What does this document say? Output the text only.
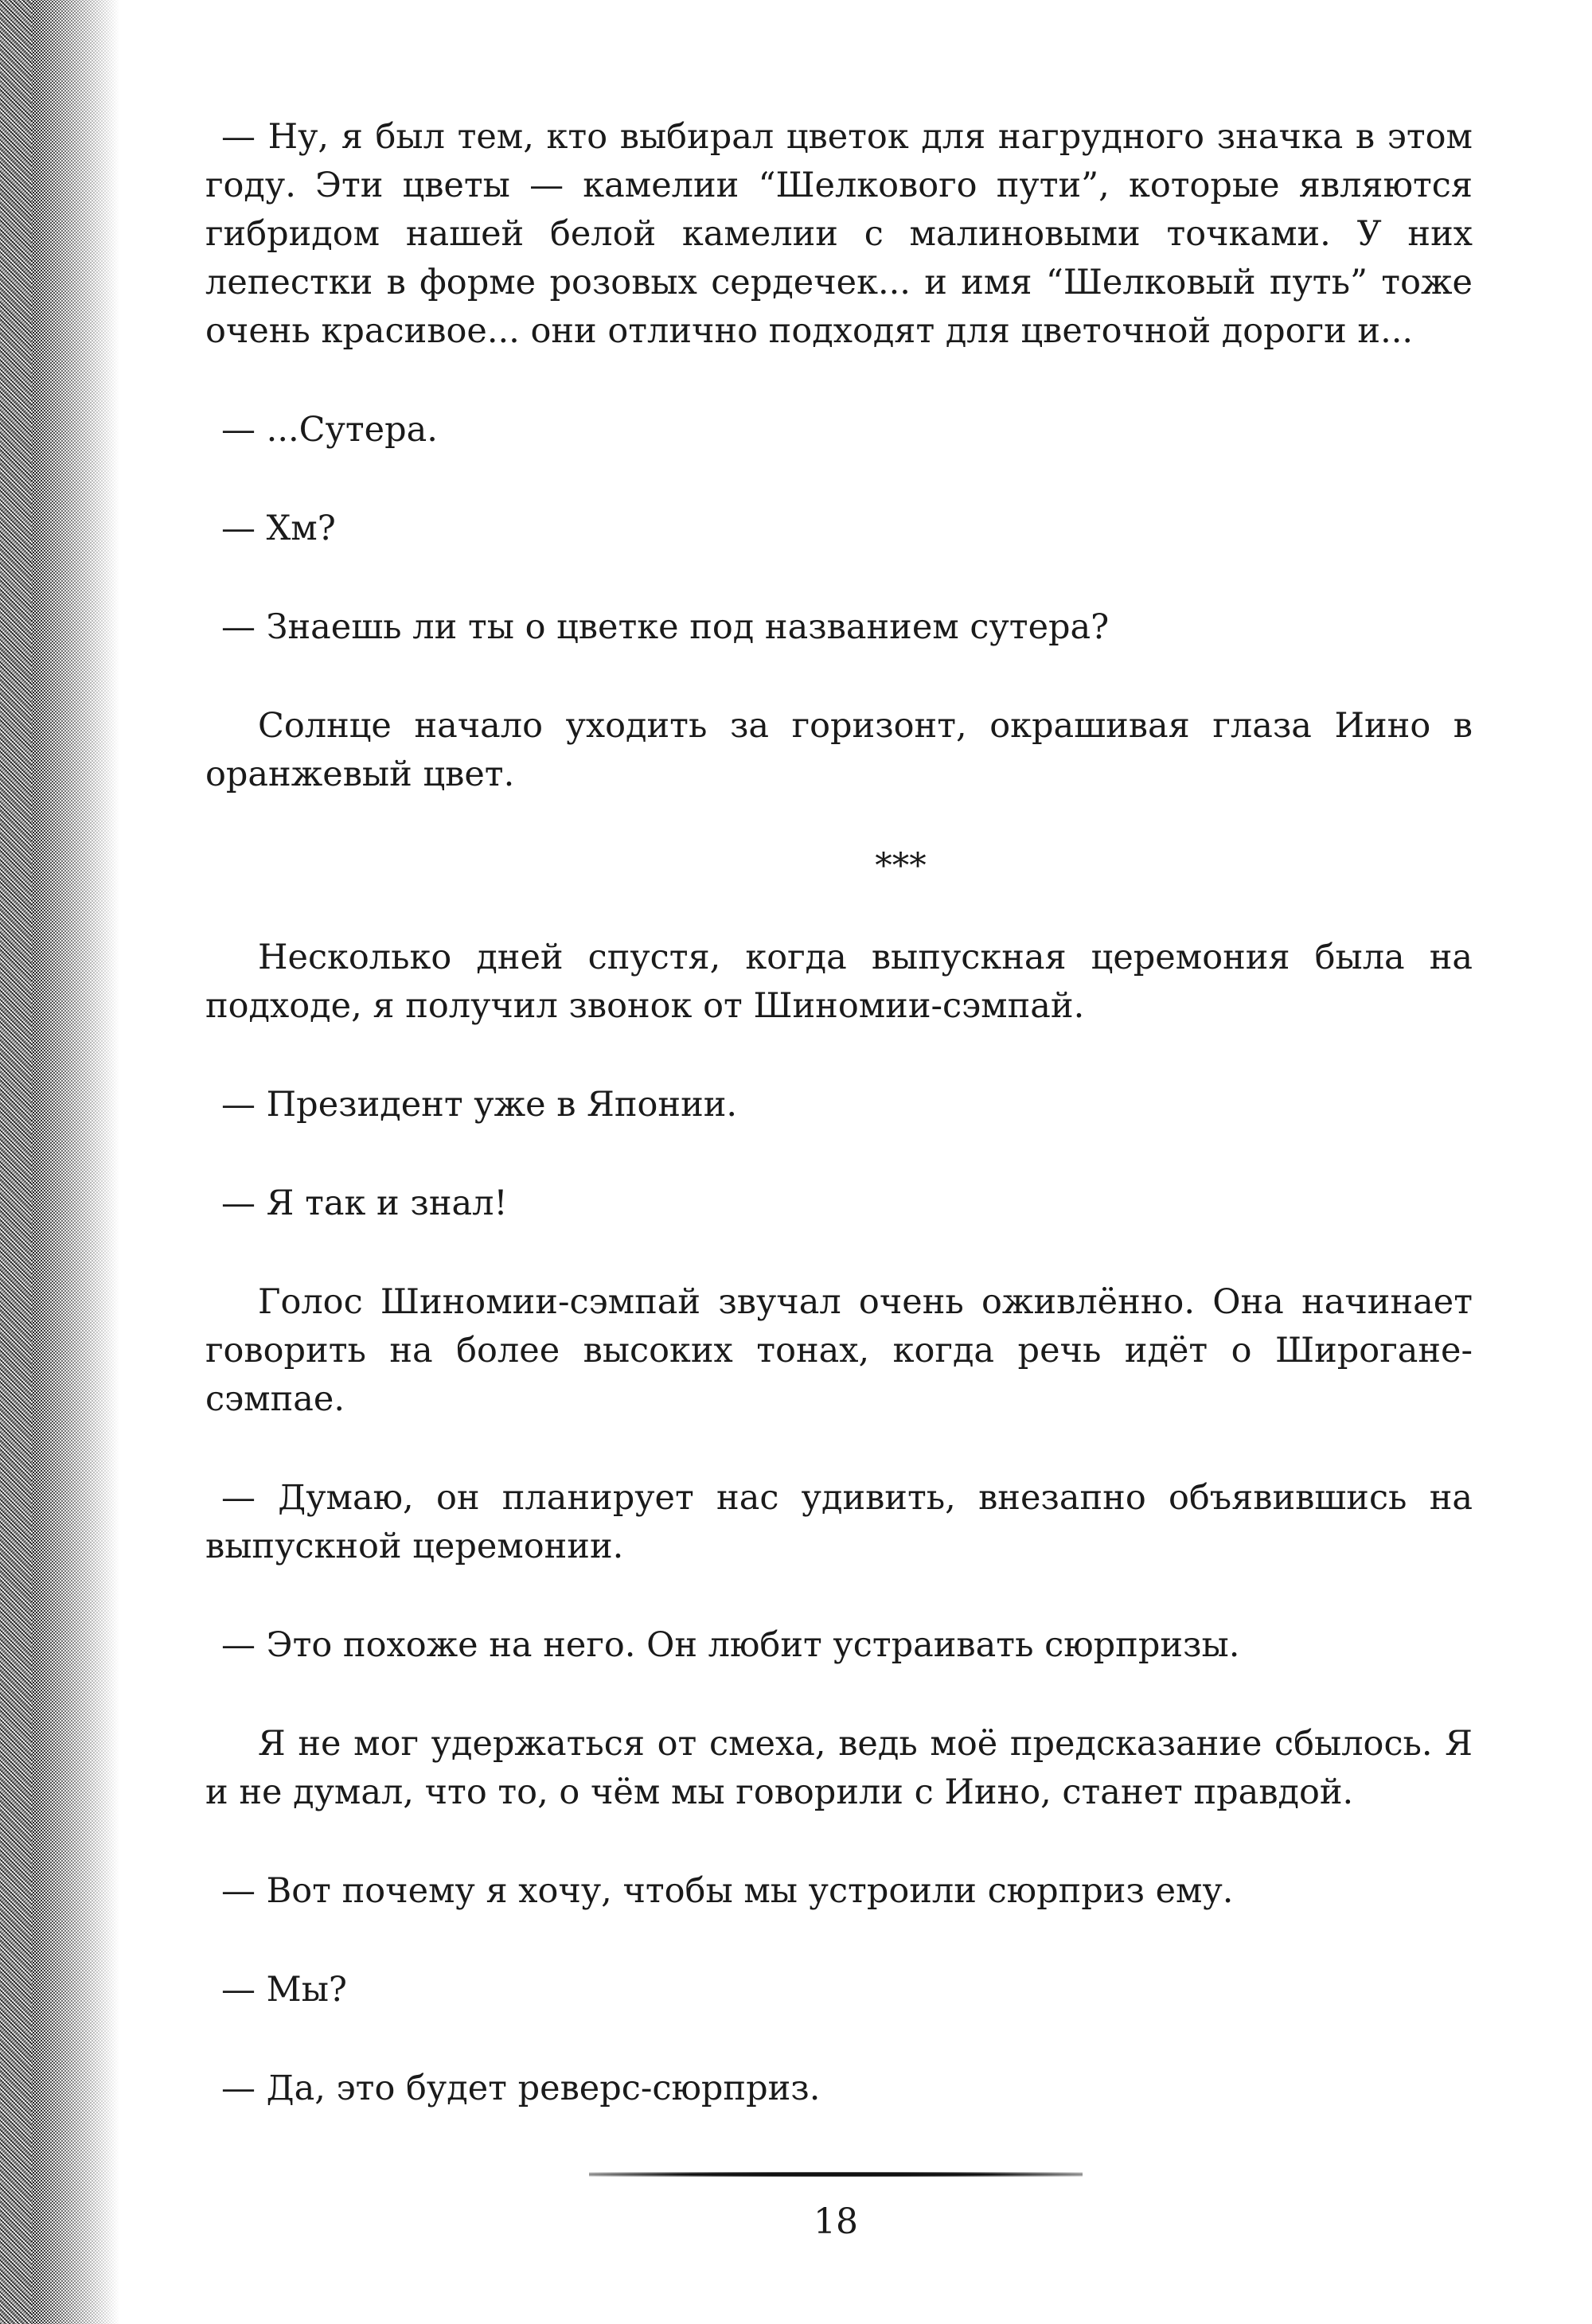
— Ну, я был тем, кто выбирал цветок для нагрудного значка в этом году. Эти цветы — камелии “Шелкового пути”, которые являются гибридом нашей белой камелии с малиновыми точками. У них лепестки в форме розовых сердечек... и имя “Шелковый путь” тоже очень красивое... они отлично подходят для цветочной дороги и...

— ...Сутера.

— Хм?

— Знаешь ли ты о цветке под названием сутера?

Солнце начало уходить за горизонт, окрашивая глаза Иино в оранжевый цвет.

***

Несколько дней спустя, когда выпускная церемония была на подходе, я получил звонок от Шиномии-сэмпай.

— Президент уже в Японии.

— Я так и знал!

Голос Шиномии-сэмпай звучал очень оживлённо. Она начинает говорить на более высоких тонах, когда речь идёт о Широгане-сэмпае.

— Думаю, он планирует нас удивить, внезапно объявившись на выпускной церемонии.

— Это похоже на него. Он любит устраивать сюрпризы.

Я не мог удержаться от смеха, ведь моё предсказание сбылось. Я и не думал, что то, о чём мы говорили с Иино, станет правдой.

— Вот почему я хочу, чтобы мы устроили сюрприз ему.

— Мы?

— Да, это будет реверс-сюрприз.

18
